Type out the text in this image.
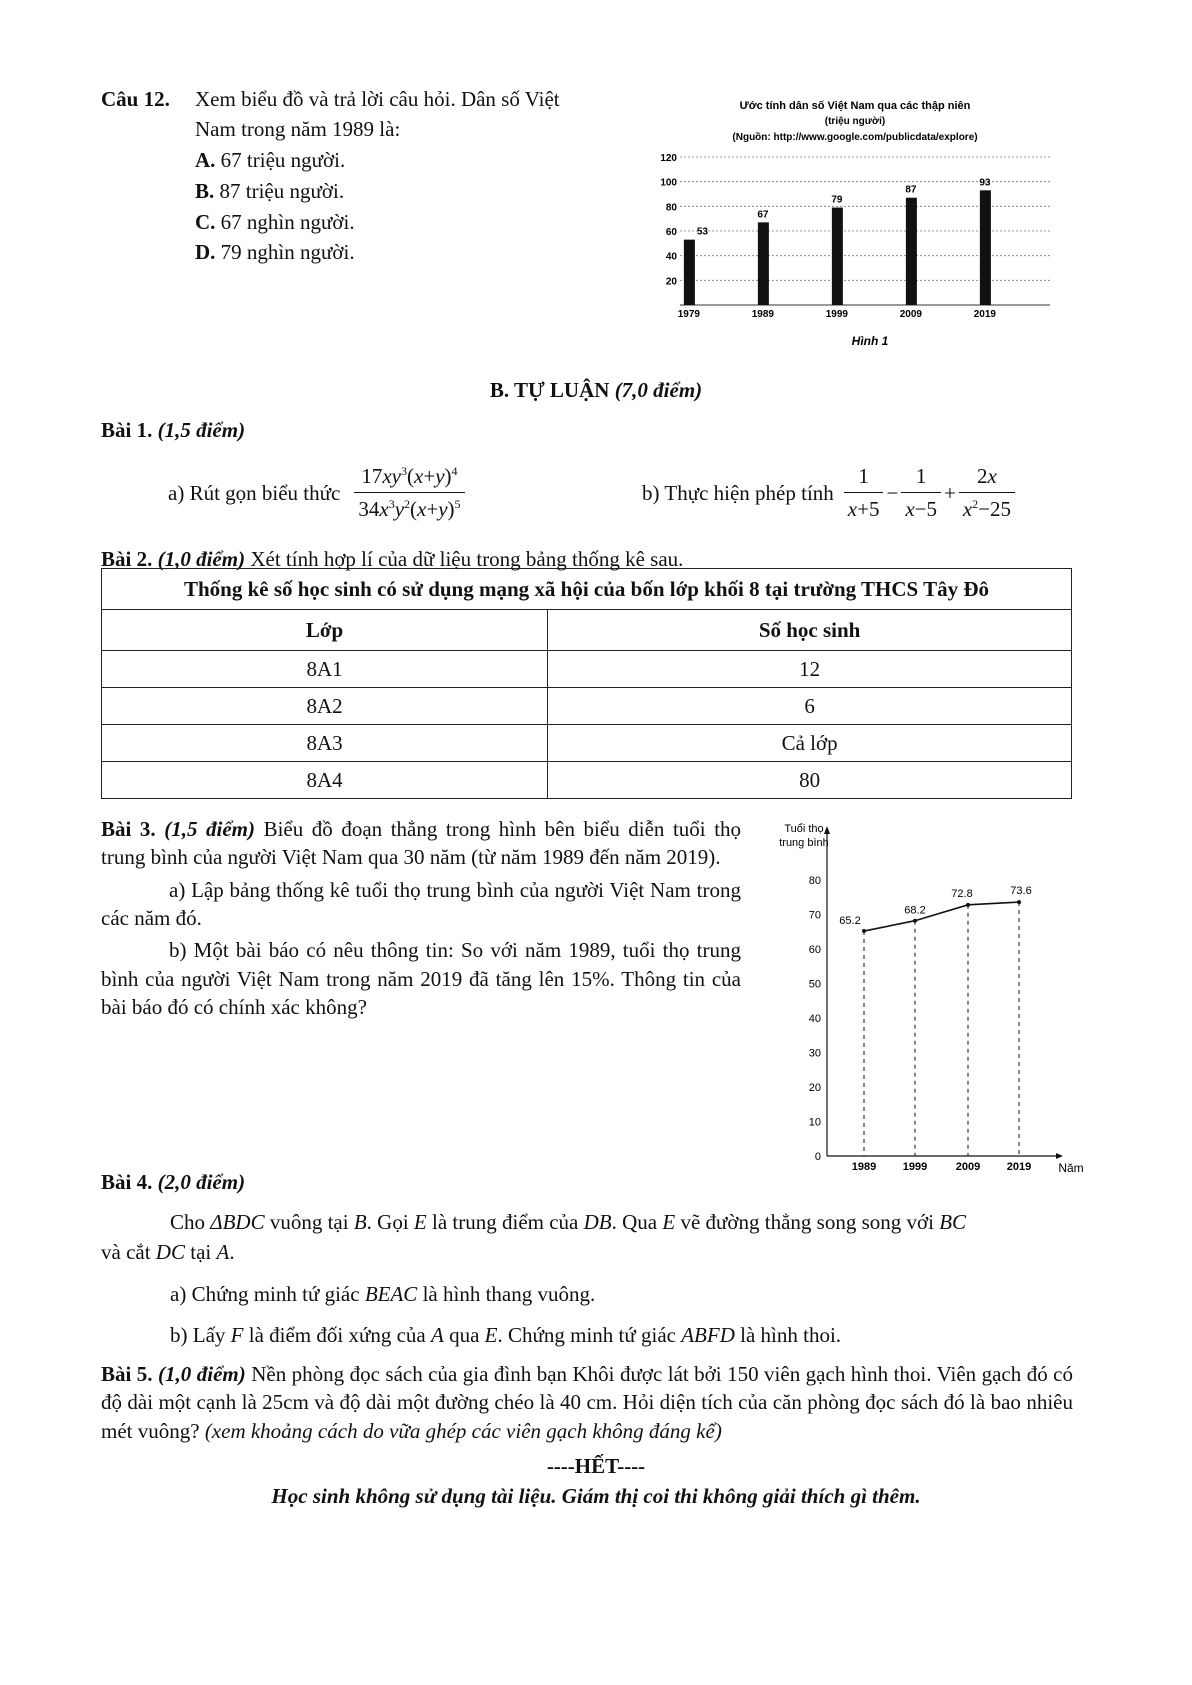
Câu 12. Xem biểu đồ và trả lời câu hỏi. Dân số Việt
Nam trong năm 1989 là:
A. 67 triệu người.
B. 87 triệu người.
C. 67 nghìn người.
D. 79 nghìn người.
Ước tính dân số Việt Nam qua các thập niên
(triệu người)
(Nguồn: http://www.google.com/publicdata/explore)
20
40
60
80
100
120
53
1979
67
1989
79
1999
87
2009
93
2019
Hình 1
B. TỰ LUẬN (7,0 điểm)
Bài 1. (1,5 điểm)
a) Rút gọn biểu thức $\frac{17xy^3(x+y)^4}{34x^3y^2(x+y)^5}$	b) Thực hiện phép tính $\frac{1}{x+5} - \frac{1}{x-5} + \frac{2x}{x^2-25}$
Bài 2. (1,0 điểm) Xét tính hợp lí của dữ liệu trong bảng thống kê sau.
Thống kê số học sinh có sử dụng mạng xã hội của bốn lớp khối 8 tại trường THCS Tây Đô	
Lớp	Số học sinh
8A1	12
8A2	6
8A3	Cả lớp
8A4	80
Bài 3. (1,5 điểm) Biểu đồ đoạn thẳng trong hình bên biểu diễn tuổi thọ trung bình của người Việt Nam qua 30 năm (từ năm 1989 đến năm 2019).
a) Lập bảng thống kê tuổi thọ trung bình của người Việt Nam trong các năm đó.
b) Một bài báo có nêu thông tin: So với năm 1989, tuổi thọ trung bình của người Việt Nam trong năm 2019 đã tăng lên 15%. Thông tin của bài báo đó có chính xác không?
Tuổi thọ
trung bình
Năm
0
10
20
30
40
50
60
70
80
1989 1999	2009 2019
65.2
68.2
72.8	73.6
Bài 4. (2,0 điểm)
Cho ΔBDC vuông tại B. Gọi E là trung điểm của DB. Qua E vẽ đường thẳng song song với BC
và cắt DC tại A.
a) Chứng minh tứ giác BEAC là hình thang vuông.
b) Lấy F là điểm đối xứng của A qua E. Chứng minh tứ giác ABFD là hình thoi.
Bài 5. (1,0 điểm) Nền phòng đọc sách của gia đình bạn Khôi được lát bởi 150 viên gạch hình thoi. Viên gạch đó có độ dài một cạnh là 25cm và độ dài một đường chéo là 40 cm. Hỏi diện tích của căn phòng đọc sách đó là bao nhiêu mét vuông? (xem khoảng cách do vữa ghép các viên gạch không đáng kể)
----HẾT----
Học sinh không sử dụng tài liệu. Giám thị coi thi không giải thích gì thêm.
